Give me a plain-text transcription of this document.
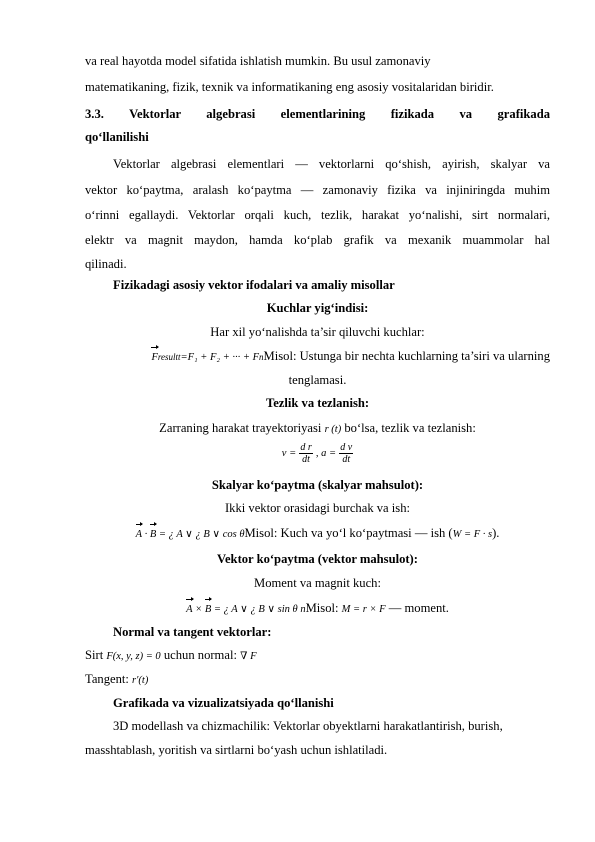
va real hayotda model sifatida ishlatish mumkin. Bu usul zamonaviy
matematikaning, fizik, texnik va informatikaning eng asosiy vositalaridan biridir.
3.3. Vektorlar algebrasi elementlarining fizikada va grafikada
qo‘llanilishi
Vektorlar algebrasi elementlari — vektorlarni qo‘shish, ayirish, skalyar va
vektor ko‘paytma, aralash ko‘paytma — zamonaviy fizika va injiniringda muhim
o‘rinni egallaydi. Vektorlar orqali kuch, tezlik, harakat yo‘nalishi, sirt normalari,
elektr va magnit maydon, hamda ko‘plab grafik va mexanik muammolar hal
qilinadi.
Fizikadagi asosiy vektor ifodalari va amaliy misollar
Kuchlar yig‘indisi:
Har xil yo‘nalishda ta’sir qiluvchi kuchlar:
Fresultt=F₁ + F₂ + ··· + FnMisol: Ustunga bir nechta kuchlarning ta’siri va ularning
tenglamasi.
Tezlik va tezlanish:
Zarraning harakat trayektoriyasi r (t) bo‘lsa, tezlik va tezlanish:
$v = \frac{\text{d r}}{dt}$ , $a = \frac{\text{d v}}{dt}$
Skalyar ko‘paytma (skalyar mahsulot):
Ikki vektor orasidagi burchak va ish:
A · B = ¿ A ∨ ¿ B ∨ cos θMisol: Kuch va yo‘l ko‘paytmasi — ish (W = F · s).
Vektor ko‘paytma (vektor mahsulot):
Moment va magnit kuch:
A × B = ¿ A ∨ ¿ B ∨ sin θ nMisol: M = r × F — moment.
Normal va tangent vektorlar:
Sirt F(x, y, z) = 0 uchun normal: ∇ F
Tangent: r′(t)
Grafikada va vizualizatsiyada qo‘llanishi
3D modellash va chizmachilik: Vektorlar obyektlarni harakatlantirish, burish,
masshtablash, yoritish va sirtlarni bo‘yash uchun ishlatiladi.
